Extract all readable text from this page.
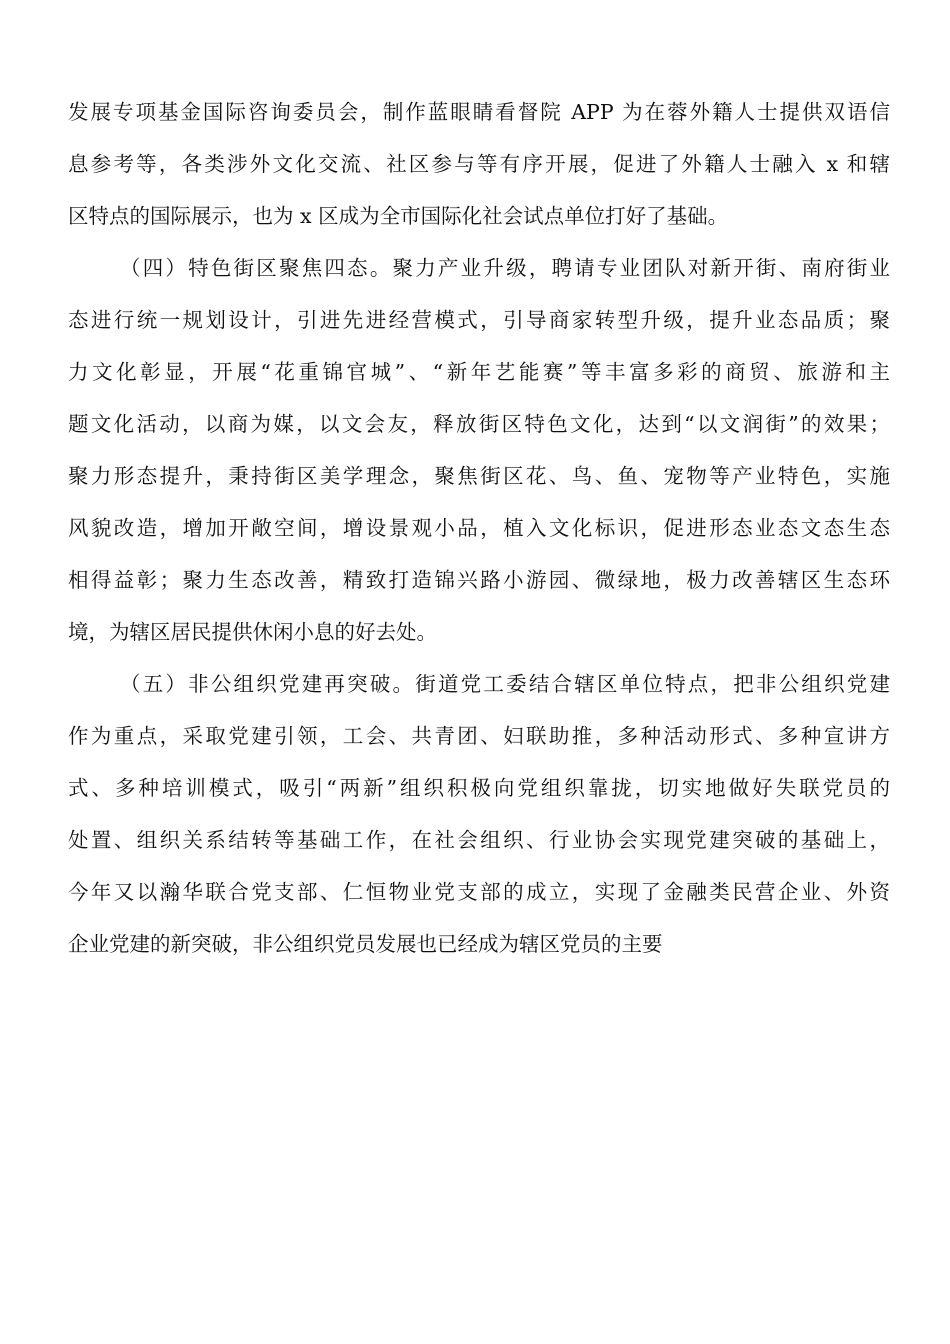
发展专项基金国际咨询委员会，制作蓝眼睛看督院 APP 为在蓉外籍人士提供双语信
息参考等，各类涉外文化交流、社区参与等有序开展，促进了外籍人士融入 x 和辖
区特点的国际展示，也为 x 区成为全市国际化社会试点单位打好了基础。
（四）特色街区聚焦四态。聚力产业升级，聘请专业团队对新开街、南府街业
态进行统一规划设计，引进先进经营模式，引导商家转型升级，提升业态品质；聚
力文化彰显，开展“花重锦官城”、“新年艺能赛”等丰富多彩的商贸、旅游和主
题文化活动，以商为媒，以文会友，释放街区特色文化，达到“以文润街”的效果；
聚力形态提升，秉持街区美学理念，聚焦街区花、鸟、鱼、宠物等产业特色，实施
风貌改造，增加开敞空间，增设景观小品，植入文化标识，促进形态业态文态生态
相得益彰；聚力生态改善，精致打造锦兴路小游园、微绿地，极力改善辖区生态环
境，为辖区居民提供休闲小息的好去处。
（五）非公组织党建再突破。街道党工委结合辖区单位特点，把非公组织党建
作为重点，采取党建引领，工会、共青团、妇联助推，多种活动形式、多种宣讲方
式、多种培训模式，吸引“两新”组织积极向党组织靠拢，切实地做好失联党员的
处置、组织关系结转等基础工作，在社会组织、行业协会实现党建突破的基础上，
今年又以瀚华联合党支部、仁恒物业党支部的成立，实现了金融类民营企业、外资
企业党建的新突破，非公组织党员发展也已经成为辖区党员的主要
